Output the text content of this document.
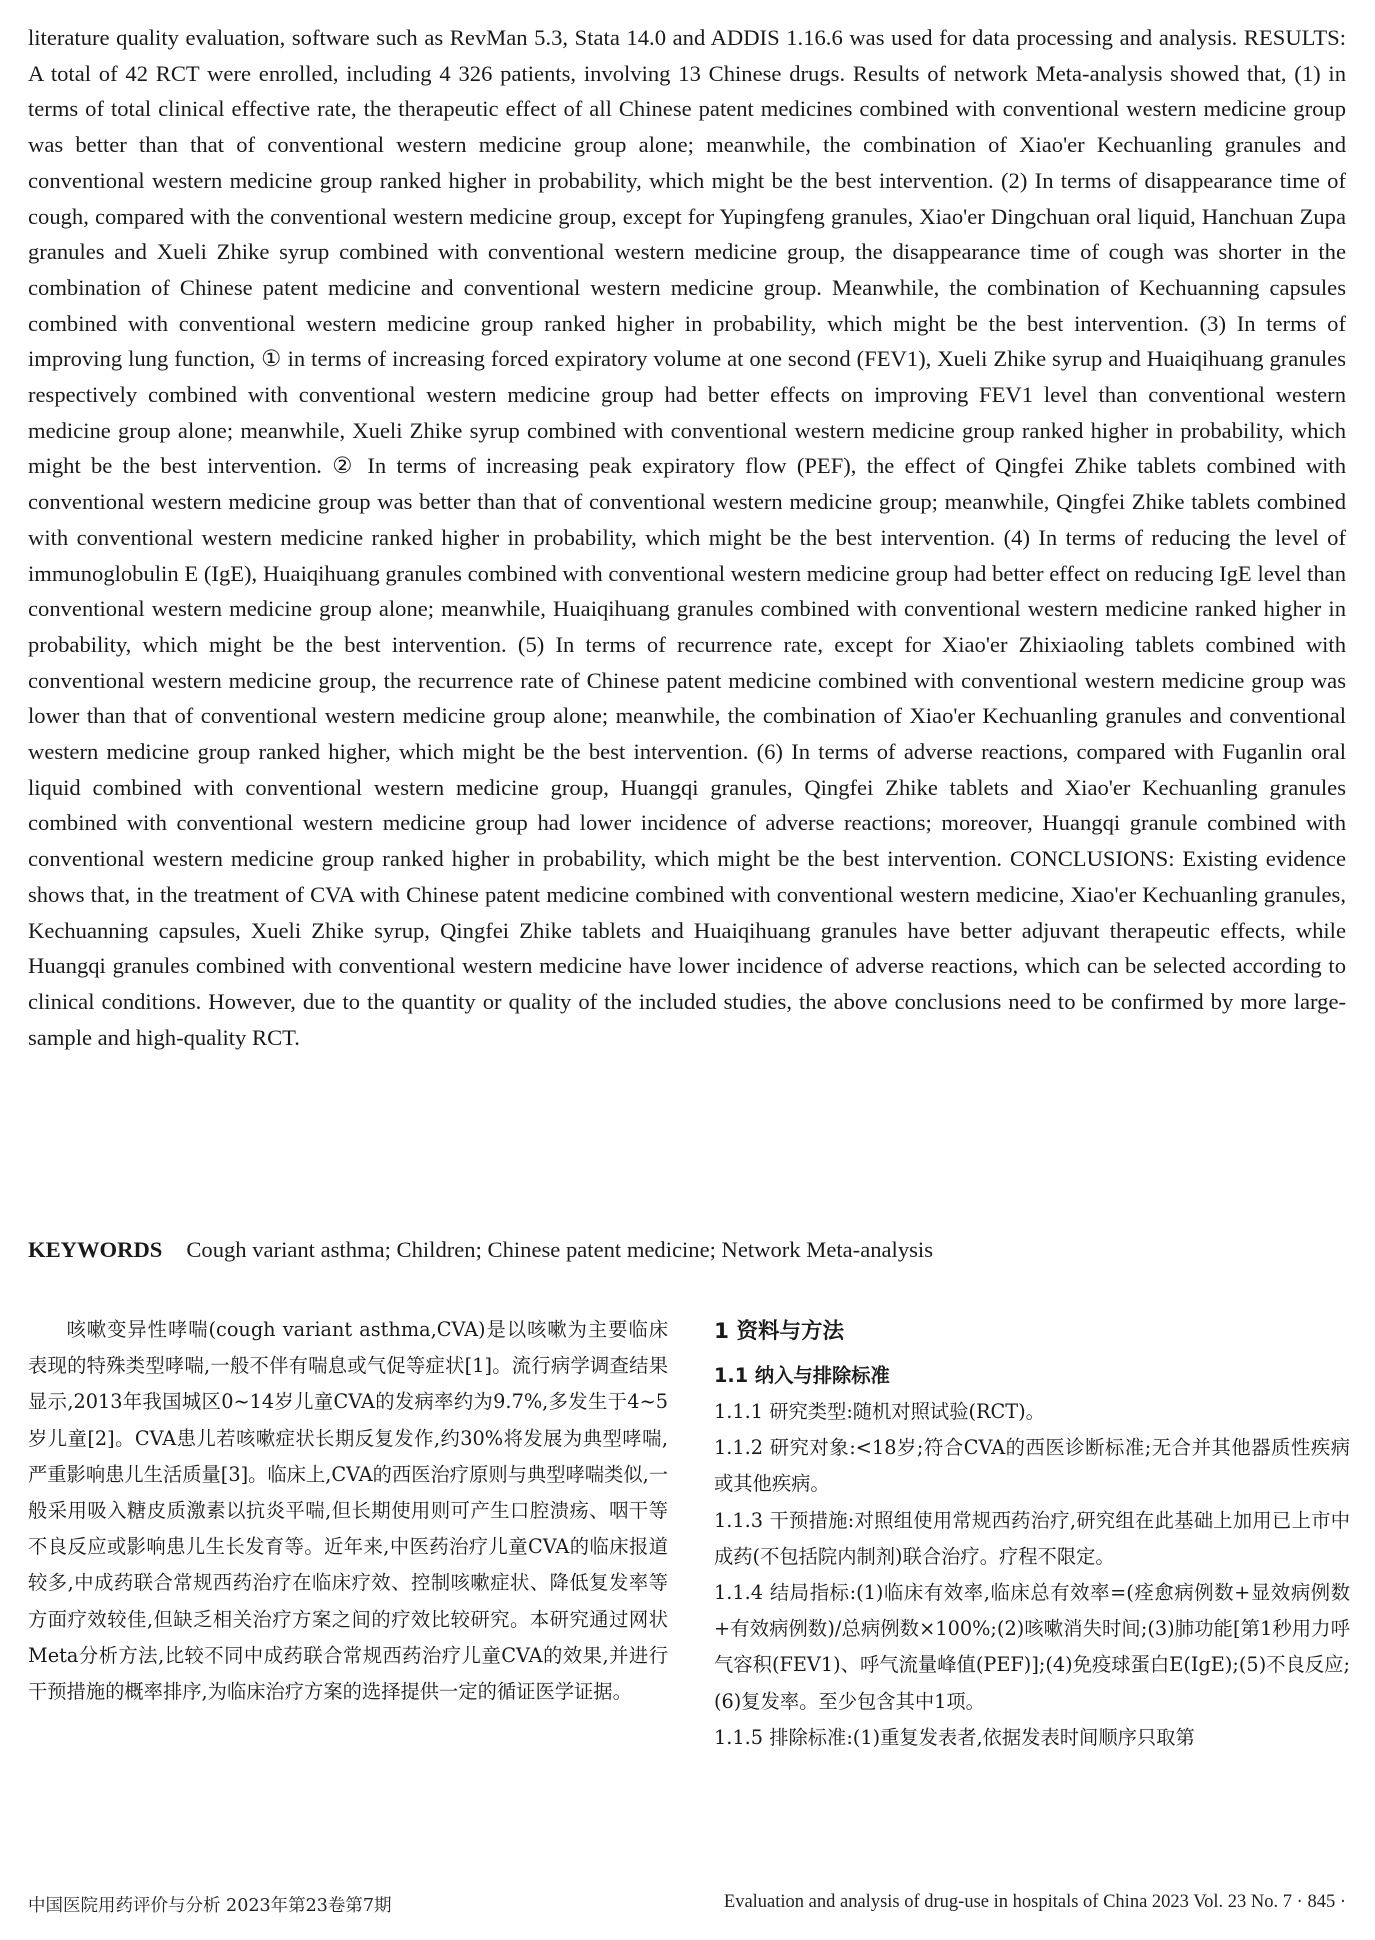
literature quality evaluation, software such as RevMan 5.3, Stata 14.0 and ADDIS 1.16.6 was used for data processing and analysis. RESULTS: A total of 42 RCT were enrolled, including 4 326 patients, involving 13 Chinese drugs. Results of network Meta-analysis showed that, (1) in terms of total clinical effective rate, the therapeutic effect of all Chinese patent medicines combined with conventional western medicine group was better than that of conventional western medicine group alone; meanwhile, the combination of Xiao'er Kechuanling granules and conventional western medicine group ranked higher in probability, which might be the best intervention. (2) In terms of disappearance time of cough, compared with the conventional western medicine group, except for Yupingfeng granules, Xiao'er Dingchuan oral liquid, Hanchuan Zupa granules and Xueli Zhike syrup combined with conventional western medicine group, the disappearance time of cough was shorter in the combination of Chinese patent medicine and conventional western medicine group. Meanwhile, the combination of Kechuanning capsules combined with conventional western medicine group ranked higher in probability, which might be the best intervention. (3) In terms of improving lung function, ① in terms of increasing forced expiratory volume at one second (FEV1), Xueli Zhike syrup and Huaiqihuang granules respectively combined with conventional western medicine group had better effects on improving FEV1 level than conventional western medicine group alone; meanwhile, Xueli Zhike syrup combined with conventional western medicine group ranked higher in probability, which might be the best intervention. ② In terms of increasing peak expiratory flow (PEF), the effect of Qingfei Zhike tablets combined with conventional western medicine group was better than that of conventional western medicine group; meanwhile, Qingfei Zhike tablets combined with conventional western medicine ranked higher in probability, which might be the best intervention. (4) In terms of reducing the level of immunoglobulin E (IgE), Huaiqihuang granules combined with conventional western medicine group had better effect on reducing IgE level than conventional western medicine group alone; meanwhile, Huaiqihuang granules combined with conventional western medicine ranked higher in probability, which might be the best intervention. (5) In terms of recurrence rate, except for Xiao'er Zhixiaoling tablets combined with conventional western medicine group, the recurrence rate of Chinese patent medicine combined with conventional western medicine group was lower than that of conventional western medicine group alone; meanwhile, the combination of Xiao'er Kechuanling granules and conventional western medicine group ranked higher, which might be the best intervention. (6) In terms of adverse reactions, compared with Fuganlin oral liquid combined with conventional western medicine group, Huangqi granules, Qingfei Zhike tablets and Xiao'er Kechuanling granules combined with conventional western medicine group had lower incidence of adverse reactions; moreover, Huangqi granule combined with conventional western medicine group ranked higher in probability, which might be the best intervention. CONCLUSIONS: Existing evidence shows that, in the treatment of CVA with Chinese patent medicine combined with conventional western medicine, Xiao'er Kechuanling granules, Kechuanning capsules, Xueli Zhike syrup, Qingfei Zhike tablets and Huaiqihuang granules have better adjuvant therapeutic effects, while Huangqi granules combined with conventional western medicine have lower incidence of adverse reactions, which can be selected according to clinical conditions. However, due to the quantity or quality of the included studies, the above conclusions need to be confirmed by more large-sample and high-quality RCT.

KEYWORDS Cough variant asthma; Children; Chinese patent medicine; Network Meta-analysis

咳嗽变异性哮喘(cough variant asthma,CVA)是以咳嗽为主要临床表现的特殊类型哮喘,一般不伴有喘息或气促等症状[1]。流行病学调查结果显示,2013年我国城区0~14岁儿童CVA的发病率约为9.7%,多发生于4~5岁儿童[2]。CVA患儿若咳嗽症状长期反复发作,约30%将发展为典型哮喘,严重影响患儿生活质量[3]。临床上,CVA的西医治疗原则与典型哮喘类似,一般采用吸入糖皮质激素以抗炎平喘,但长期使用则可产生口腔溃疡、咽干等不良反应或影响患儿生长发育等。近年来,中医药治疗儿童CVA的临床报道较多,中成药联合常规西药治疗在临床疗效、控制咳嗽症状、降低复发率等方面疗效较佳,但缺乏相关治疗方案之间的疗效比较研究。本研究通过网状Meta分析方法,比较不同中成药联合常规西药治疗儿童CVA的效果,并进行干预措施的概率排序,为临床治疗方案的选择提供一定的循证医学证据。

1 资料与方法
1.1 纳入与排除标准

1.1.1 研究类型:随机对照试验(RCT)。

1.1.2 研究对象:<18岁;符合CVA的西医诊断标准;无合并其他器质性疾病或其他疾病。

1.1.3 干预措施:对照组使用常规西药治疗,研究组在此基础上加用已上市中成药(不包括院内制剂)联合治疗。疗程不限定。

1.1.4 结局指标:(1)临床有效率,临床总有效率=(痊愈病例数+显效病例数+有效病例数)/总病例数×100%;(2)咳嗽消失时间;(3)肺功能[第1秒用力呼气容积(FEV1)、呼气流量峰值(PEF)];(4)免疫球蛋白E(IgE);(5)不良反应;(6)复发率。至少包含其中1项。

1.1.5 排除标准:(1)重复发表者,依据发表时间顺序只取第

中国医院用药评价与分析 2023年第23卷第7期	Evaluation and analysis of drug-use in hospitals of China 2023 Vol. 23 No. 7 · 845 ·
